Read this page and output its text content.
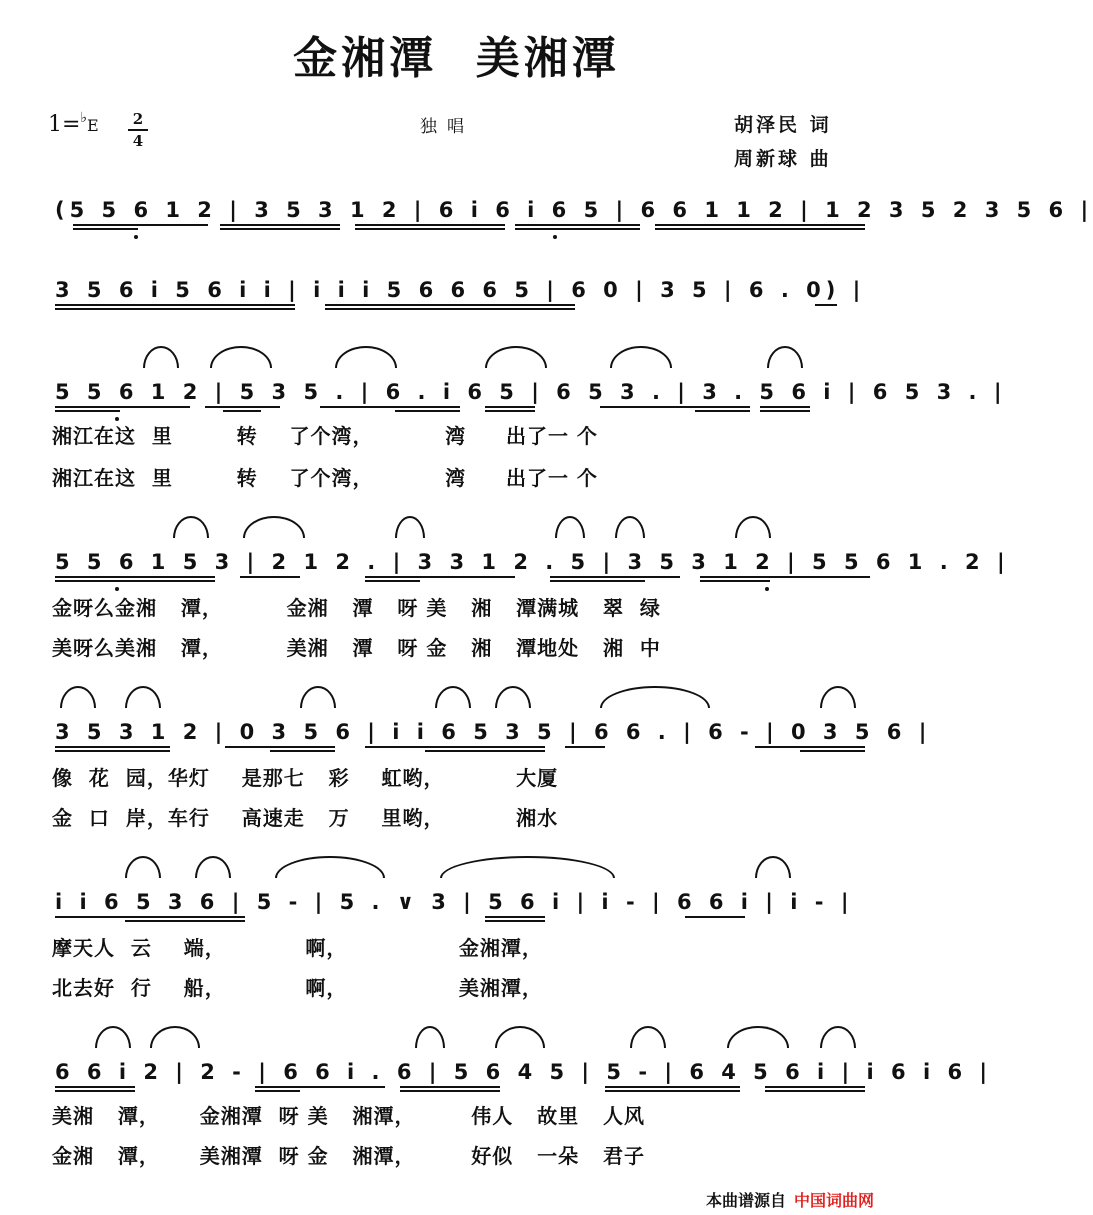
金湘潭  美湘潭
1=♭E	2
4
独唱	胡泽民 词
周新球 曲
(5 5 6 1 2 | 3 5 3 1 2 | 6 i 6 i 6 5 | 6 6 1 1 2 | 1 2 3 5 2 3 5 6 |
3 5 6 i 5 6 i i | i i i 5 6 6 6 5 | 6 0 | 3 5 | 6 . 0) |
5 5 6 1 2 | 5 3 5 . | 6 . i 6 5 | 6 5 3 . | 3 . 5 6 i | 6 5 3 . |
湘江在这  里        转    了个湾，         湾     出了一 个
湘江在这  里        转    了个湾，         湾     出了一 个
5 5 6 1 5 3 | 2 1 2 . | 3 3 1 2 . 5 | 3 5 3 1 2 | 5 5 6 1 . 2 |
金呀么金湘   潭，        金湘   潭   呀 美   湘   潭满城   翠  绿
美呀么美湘   潭，        美湘   潭   呀 金   湘   潭地处   湘  中
3 5 3 1 2 | 0 3 5 6 | i i 6 5 3 5 | 6 6 . | 6 - | 0 3 5 6 |
像  花  园，华灯    是那七   彩    虹哟，         大厦
金  口  岸，车行    高速走   万    里哟，         湘水
i i 6 5 3 6 | 5 - | 5 . ∨ 3 | 5 6 i | i - | 6 6 i | i - |
摩天人  云    端，          啊，              金湘潭，
北去好  行    船，          啊，              美湘潭，
6 6 i 2 | 2 - | 6 6 i . 6 | 5 6 4 5 | 5 - | 6 4 5 6 i | i 6 i 6 |
美湘   潭，     金湘潭  呀 美   湘潭，       伟人   故里   人风
金湘   潭，     美湘潭  呀 金   湘潭，       好似   一朵   君子
本曲谱源自 中国词曲网
